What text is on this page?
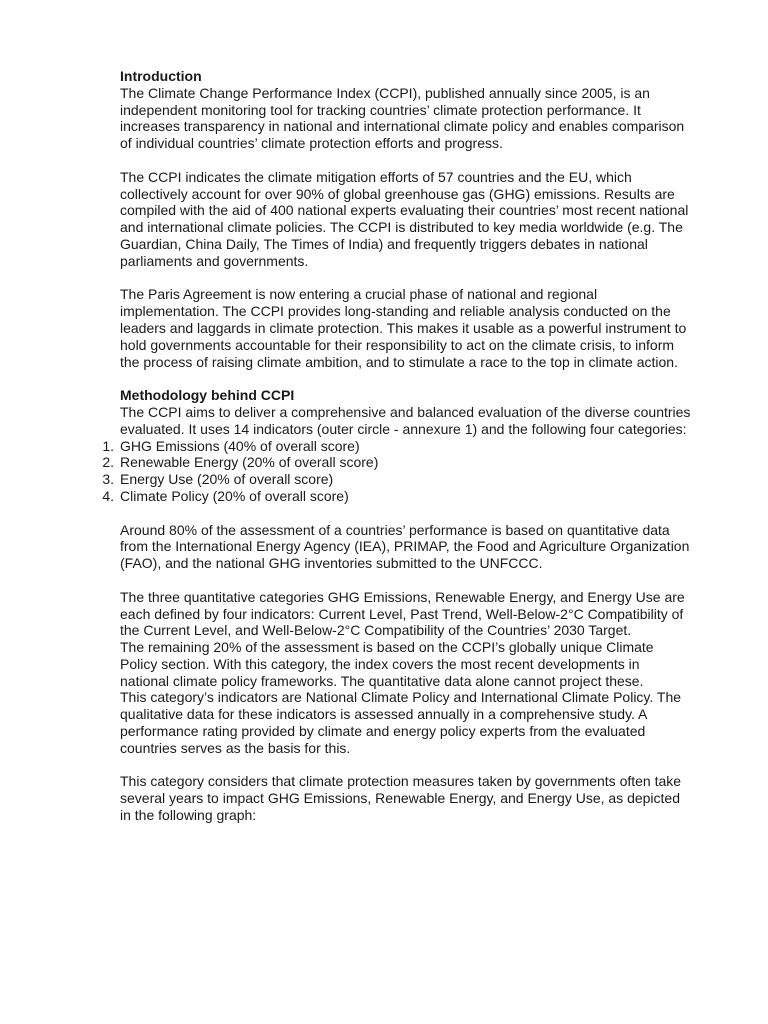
Introduction

The Climate Change Performance Index (CCPI), published annually since 2005, is an independent monitoring tool for tracking countries’ climate protection performance. It increases transparency in national and international climate policy and enables comparison of individual countries’ climate protection efforts and progress.

The CCPI indicates the climate mitigation efforts of 57 countries and the EU, which collectively account for over 90% of global greenhouse gas (GHG) emissions. Results are compiled with the aid of 400 national experts evaluating their countries’ most recent national and international climate policies. The CCPI is distributed to key media worldwide (e.g. The Guardian, China Daily, The Times of India) and frequently triggers debates in national parliaments and governments.

The Paris Agreement is now entering a crucial phase of national and regional implementation. The CCPI provides long-standing and reliable analysis conducted on the leaders and laggards in climate protection. This makes it usable as a powerful instrument to hold governments accountable for their responsibility to act on the climate crisis, to inform the process of raising climate ambition, and to stimulate a race to the top in climate action.

Methodology behind CCPI

The CCPI aims to deliver a comprehensive and balanced evaluation of the diverse countries evaluated. It uses 14 indicators (outer circle - annexure 1) and the following four categories:

1. GHG Emissions (40% of overall score)
2. Renewable Energy (20% of overall score)
3. Energy Use (20% of overall score)
4. Climate Policy (20% of overall score)

Around 80% of the assessment of a countries’ performance is based on quantitative data from the International Energy Agency (IEA), PRIMAP, the Food and Agriculture Organization (FAO), and the national GHG inventories submitted to the UNFCCC.

The three quantitative categories GHG Emissions, Renewable Energy, and Energy Use are each defined by four indicators: Current Level, Past Trend, Well-Below-2°C Compatibility of the Current Level, and Well-Below-2°C Compatibility of the Countries’ 2030 Target.

The remaining 20% of the assessment is based on the CCPI’s globally unique Climate Policy section. With this category, the index covers the most recent developments in national climate policy frameworks. The quantitative data alone cannot project these.

This category’s indicators are National Climate Policy and International Climate Policy. The qualitative data for these indicators is assessed annually in a comprehensive study. A performance rating provided by climate and energy policy experts from the evaluated countries serves as the basis for this.

This category considers that climate protection measures taken by governments often take several years to impact GHG Emissions, Renewable Energy, and Energy Use, as depicted in the following graph:
